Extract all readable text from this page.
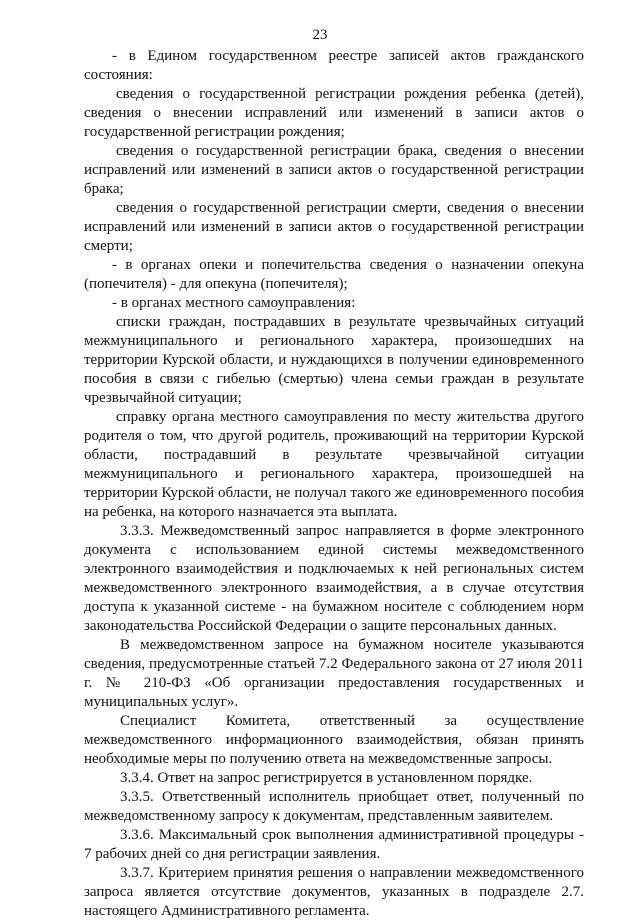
23

- в Едином государственном реестре записей актов гражданского состояния:

сведения о государственной регистрации рождения ребенка (детей), сведения о внесении исправлений или изменений в записи актов о государственной регистрации рождения;

сведения о государственной регистрации брака, сведения о внесении исправлений или изменений в записи актов о государственной регистрации брака;

сведения о государственной регистрации смерти, сведения о внесении исправлений или изменений в записи актов о государственной регистрации смерти;

- в органах опеки и попечительства сведения о назначении опекуна (попечителя) - для опекуна (попечителя);

- в органах местного самоуправления:

списки граждан, пострадавших в результате чрезвычайных ситуаций межмуниципального и регионального характера, произошедших на территории Курской области, и нуждающихся в получении единовременного пособия в связи с гибелью (смертью) члена семьи граждан в результате чрезвычайной ситуации;

справку органа местного самоуправления по месту жительства другого родителя о том, что другой родитель, проживающий на территории Курской области, пострадавший в результате чрезвычайной ситуации межмуниципального и регионального характера, произошедшей на территории Курской области, не получал такого же единовременного пособия на ребенка, на которого назначается эта выплата.

3.3.3. Межведомственный запрос направляется в форме электронного документа с использованием единой системы межведомственного электронного взаимодействия и подключаемых к ней региональных систем межведомственного электронного взаимодействия, а в случае отсутствия доступа к указанной системе - на бумажном носителе с соблюдением норм законодательства Российской Федерации о защите персональных данных.

В межведомственном запросе на бумажном носителе указываются сведения, предусмотренные статьей 7.2 Федерального закона от 27 июля 2011 г. № 210-ФЗ «Об организации предоставления государственных и муниципальных услуг».

Специалист Комитета, ответственный за осуществление межведомственного информационного взаимодействия, обязан принять необходимые меры по получению ответа на межведомственные запросы.

3.3.4. Ответ на запрос регистрируется в установленном порядке.

3.3.5. Ответственный исполнитель приобщает ответ, полученный по межведомственному запросу к документам, представленным заявителем.

3.3.6. Максимальный срок выполнения административной процедуры - 7 рабочих дней со дня регистрации заявления.

3.3.7. Критерием принятия решения о направлении межведомственного запроса является отсутствие документов, указанных в подразделе 2.7. настоящего Административного регламента.
